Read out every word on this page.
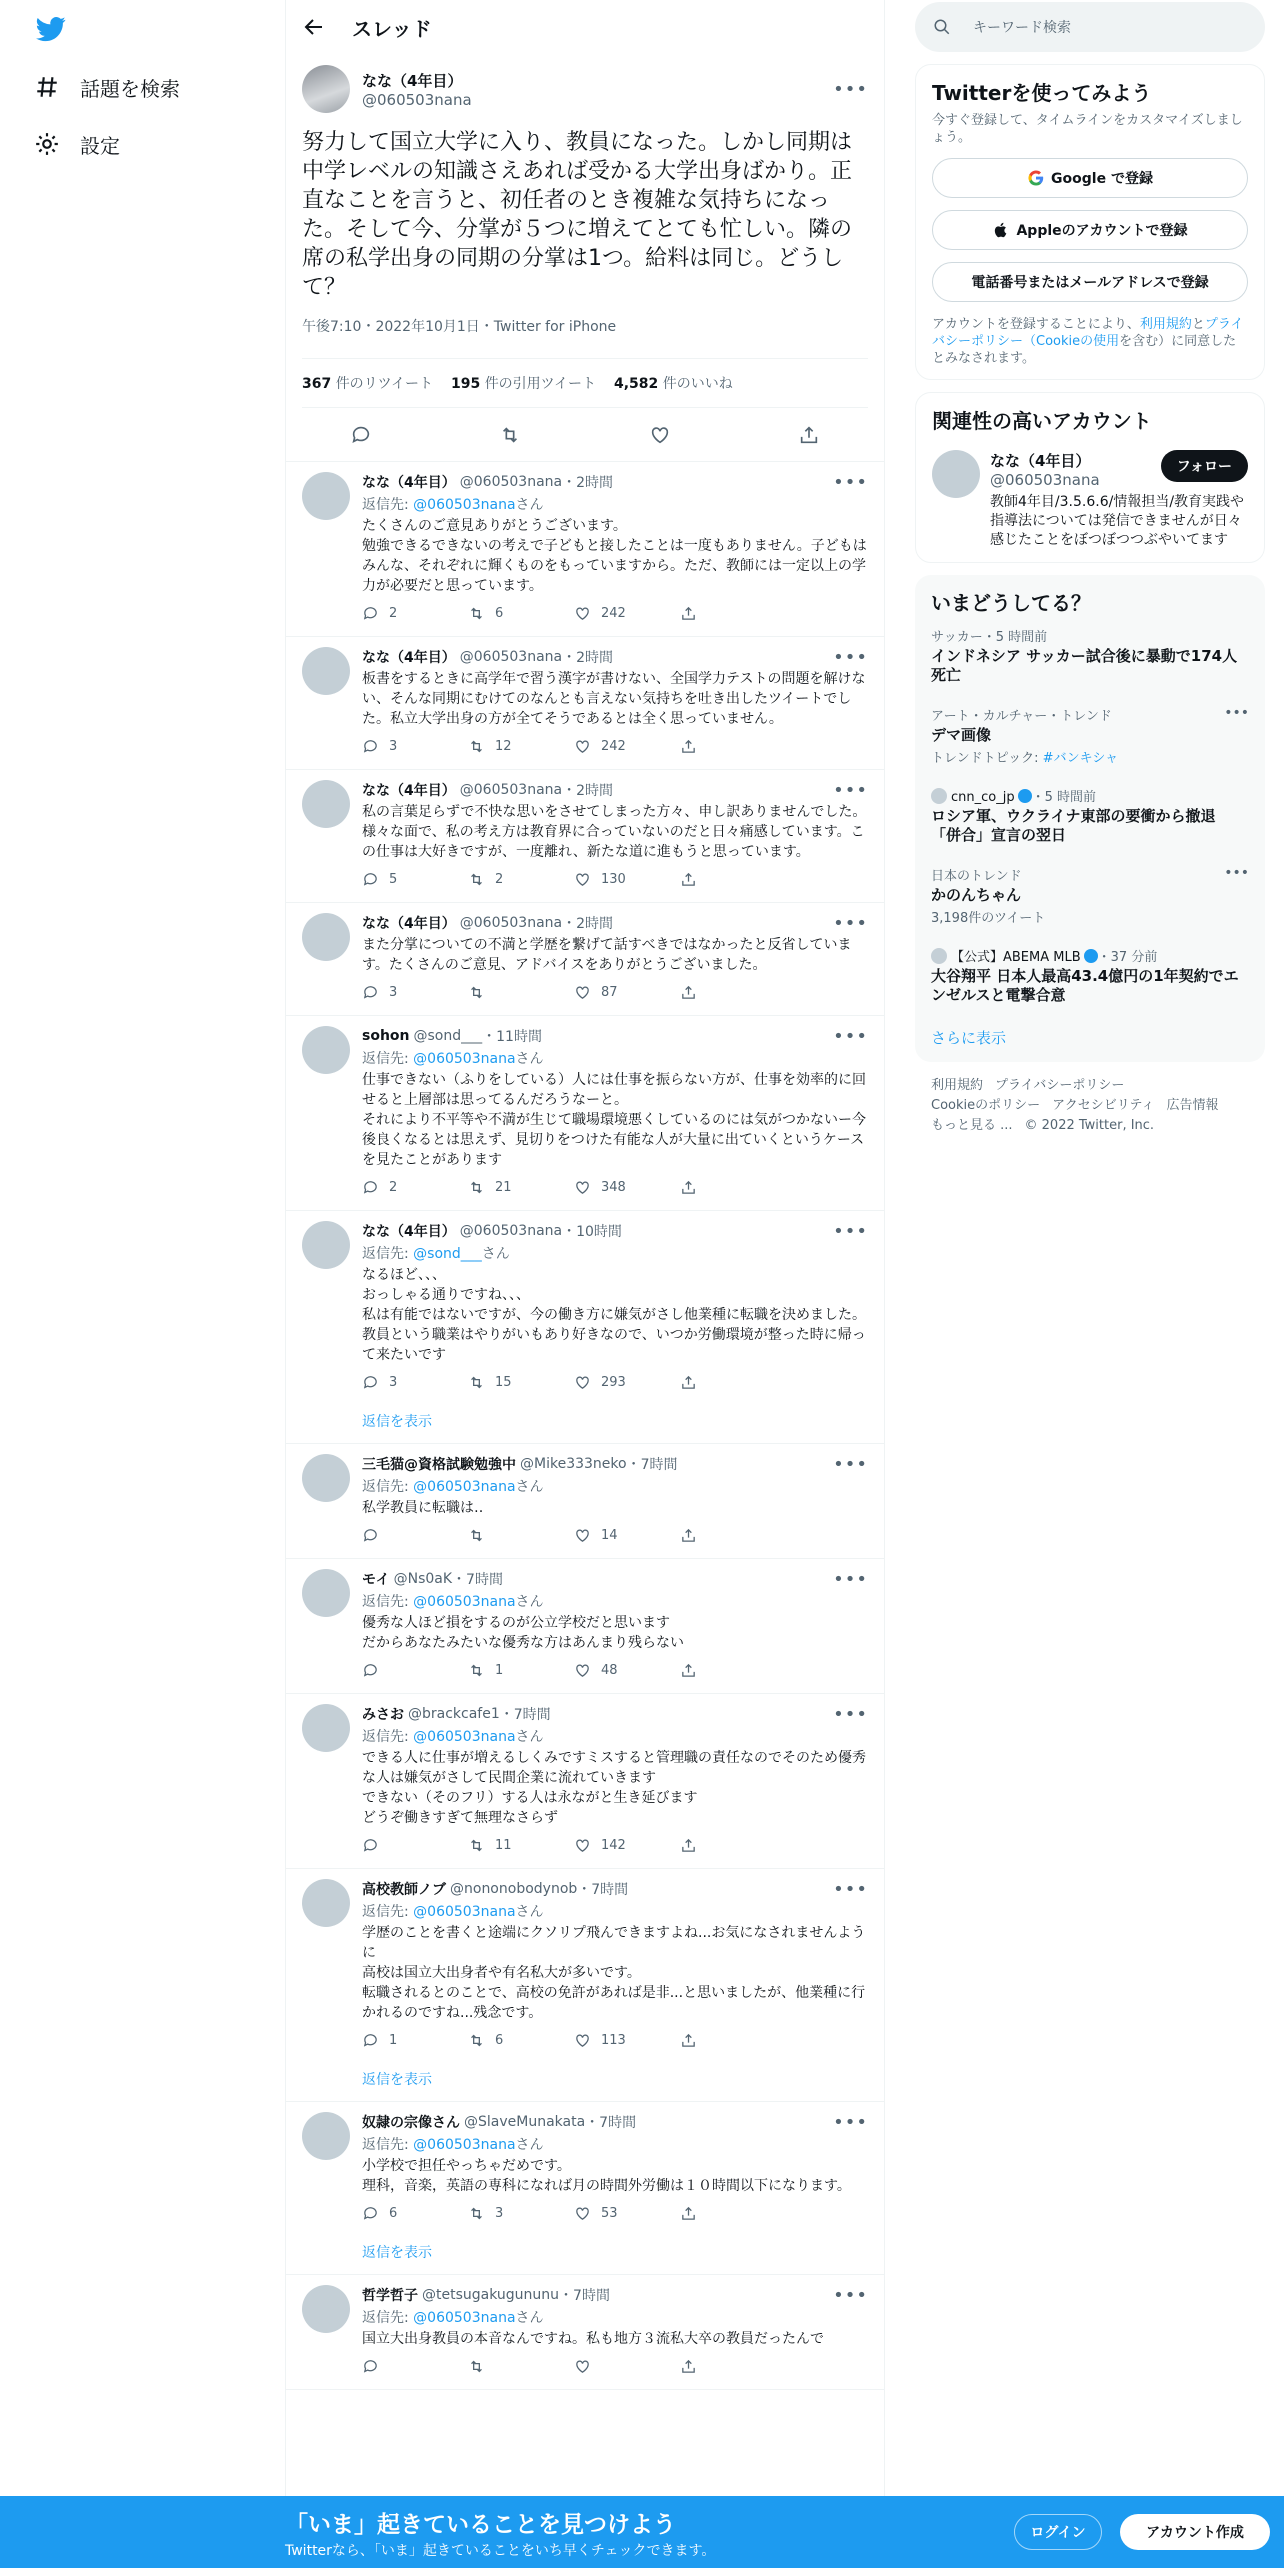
話題を検索
設定
スレッド
なな（4年目）
@060503nana	•••
努力して国立大学に入り、教員になった。しかし同期は中学レベルの知識さえあれば受かる大学出身ばかり。正直なことを言うと、初任者のとき複雑な気持ちになった。そして今、分掌が５つに増えてとても忙しい。隣の席の私学出身の同期の分掌は1つ。給料は同じ。どうして？
午後7:10・2022年10月1日・Twitter for iPhone
367 件のリツイート 195 件の引用ツイート 4,582 件のいいね
なな（4年目） @060503nana ・2時間	•••
返信先: @060503nanaさん
たくさんのご意見ありがとうございます。
勉強できるできないの考えで子どもと接したことは一度もありません。子どもはみんな、それぞれに輝くものをもっていますから。ただ、教師には一定以上の学力が必要だと思っています。
2	6	242
なな（4年目） @060503nana ・2時間	•••
板書をするときに高学年で習う漢字が書けない、全国学力テストの問題を解けない、そんな同期にむけてのなんとも言えない気持ちを吐き出したツイートでした。私立大学出身の方が全てそうであるとは全く思っていません。
3	12	242
なな（4年目） @060503nana ・2時間	•••
私の言葉足らずで不快な思いをさせてしまった方々、申し訳ありませんでした。
様々な面で、私の考え方は教育界に合っていないのだと日々痛感しています。この仕事は大好きですが、一度離れ、新たな道に進もうと思っています。
5	2	130
なな（4年目） @060503nana ・2時間	•••
また分掌についての不満と学歴を繋げて話すべきではなかったと反省しています。たくさんのご意見、アドバイスをありがとうございました。
3	87
sohon @sond___ ・11時間	•••
返信先: @060503nanaさん
仕事できない（ふりをしている）人には仕事を振らない方が、仕事を効率的に回せると上層部は思ってるんだろうなーと。
それにより不平等や不満が生じて職場環境悪くしているのには気がつかないー今後良くなるとは思えず、見切りをつけた有能な人が大量に出ていくというケースを見たことがあります
2	21	348
なな（4年目） @060503nana ・10時間	•••
返信先: @sond___さん
なるほど、、、
おっしゃる通りですね、、、
私は有能ではないですが、今の働き方に嫌気がさし他業種に転職を決めました。
教員という職業はやりがいもあり好きなので、いつか労働環境が整った時に帰って来たいです
3	15	293
返信を表示
三毛猫@資格試験勉強中 @Mike333neko ・7時間	•••
返信先: @060503nanaさん
私学教員に転職は‥
14
モイ @Ns0aK ・7時間	•••
返信先: @060503nanaさん
優秀な人ほど損をするのが公立学校だと思います
だからあなたみたいな優秀な方はあんまり残らない
1	48
みさお @brackcafe1 ・7時間	•••
返信先: @060503nanaさん
できる人に仕事が増えるしくみですミスすると管理職の責任なのでそのため優秀な人は嫌気がさして民間企業に流れていきます
できない（そのフリ）する人は永ながと生き延びます
どうぞ働きすぎて無理なさらず
11	142
高校教師ノブ @nononobodynob ・7時間	•••
返信先: @060503nanaさん
学歴のことを書くと途端にクソリプ飛んできますよね...お気になされませんように
高校は国立大出身者や有名私大が多いです。
転職されるとのことで、高校の免許があれば是非...と思いましたが、他業種に行かれるのですね...残念です。
1	6	113
返信を表示
奴隷の宗像さん @SlaveMunakata ・7時間	•••
返信先: @060503nanaさん
小学校で担任やっちゃだめです。
理科，音楽，英語の専科になれば月の時間外労働は１０時間以下になります。
6	3	53
返信を表示
哲学哲子 @tetsugakugununu ・7時間	•••
返信先: @060503nanaさん
国立大出身教員の本音なんですね。私も地方３流私大卒の教員だったんで
キーワード検索
Twitterを使ってみよう
今すぐ登録して、タイムラインをカスタマイズしましょう。
Google で登録
Appleのアカウントで登録
電話番号またはメールアドレスで登録
アカウントを登録することにより、利用規約とプライバシーポリシー（Cookieの使用を含む）に同意したとみなされます。
関連性の高いアカウント
なな（4年目）
@060503nana
フォロー
教師4年目/3.5.6.6/情報担当/教育実践や指導法については発信できませんが日々感じたことをぼつぼつつぶやいてます
いまどうしてる？
サッカー・5 時間前
インドネシア サッカー試合後に暴動で174人死亡
アート・カルチャー・トレンド
デマ画像
トレンドトピック: #バンキシャ
•••
cnn_co_jp ・5 時間前
ロシア軍、ウクライナ東部の要衝から撤退　「併合」宣言の翌日
日本のトレンド
かのんちゃん
3,198件のツイート
•••
【公式】ABEMA MLB ・37 分前
大谷翔平 日本人最高43.4億円の1年契約でエンゼルスと電撃合意
さらに表示
利用規約 プライバシーポリシー
Cookieのポリシー アクセシビリティ 広告情報
もっと見る ... © 2022 Twitter, Inc.
「いま」起きていることを見つけよう
Twitterなら、「いま」起きていることをいち早くチェックできます。
ログイン	アカウント作成
